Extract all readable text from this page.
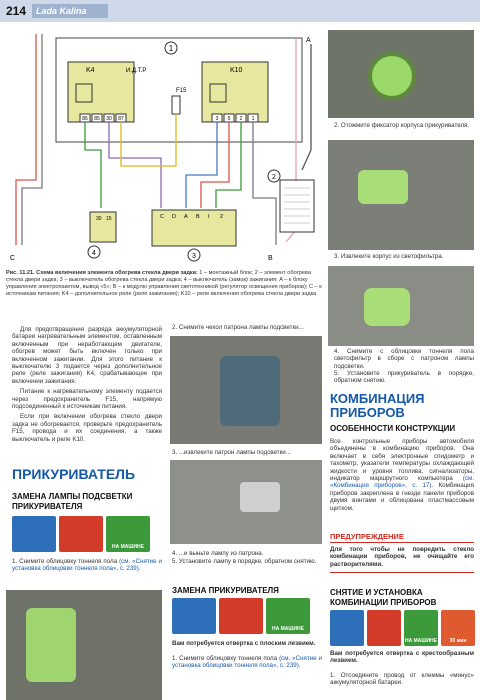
214	Lada Kalina
1
K4	И.Д.Т.Р
86 85 30 87
F15
K10
3 5 2 1
30 15
4
C D A B I 2
3
2
C
A
B
Рис. 11.21. Схема включения элемента обогрева стекла двери задка: 1 – монтажный блок; 2 – элемент обогрева стекла двери задка; 3 – выключатель обогрева стекла двери задка; 4 – выключатель (замок) зажигания; A – к блоку управления электропакетом, вывод «5»; B – к модулю управления светотехникой (регулятор освещения приборов); C – к источникам питания; K4 – дополнительное реле (реле зажигания); K10 – реле включения обогрева стекла двери задка
2. Отожмите фиксатор корпуса прикуривателя.
3. Извлеките корпус из светофильтра.
4. Снимите с облицовки тоннеля пола светофильтр в сборе с патроном лампы подсветки.
5. Установите прикуриватель в порядке, обратном снятию.

Для предотвращения разряда аккумуляторной батареи нагревательным элементом, оставленным включенным при неработающем двигателе, обогрев может быть включен только при включенном зажигании. Для этого питание к выключателю 3 подается через дополнительное реле (реле зажигания) K4, срабатывающее при включении зажигания.

Питание к нагревательному элементу подается через предохранитель F15, напрямую подсоединенный к источникам питания.

Если при включении обогрева стекло двери задка не обогревается, проверьте предохранитель F15, провода и их соединения, а также выключатель и реле K10.

2. Снимите чехол патрона лампы подсветки...
3. ...извлеките патрон лампы подсветки...
4. ...и выньте лампу из патрона.
5. Установите лампу в порядке, обратном снятию.
ПРИКУРИВАТЕЛЬ
ЗАМЕНА ЛАМПЫ ПОДСВЕТКИ ПРИКУРИВАТЕЛЯ
НА МАШИНЕ
1. Снимите облицовку тоннеля пола (см. «Снятие и установка облицовки тоннеля пола», с. 239).
ЗАМЕНА ПРИКУРИВАТЕЛЯ
НА МАШИНЕ
Вам потребуется отвертка с плоским лезвием.
1. Снимите облицовку тоннеля пола (см. «Снятие и установка облицовки тоннеля пола», с. 239).
КОМБИНАЦИЯ ПРИБОРОВ
ОСОБЕННОСТИ КОНСТРУКЦИИ
Все контрольные приборы автомобиля объединены в комбинацию приборов. Она включает в себя электронные спидометр и тахометр, указатели температуры охлаждающей жидкости и уровня топлива, сигнализаторы, индикатор маршрутного компьютера (см. «Комбинация приборов», с. 17). Комбинация приборов закреплена в гнезде панели приборов двумя винтами и облицована пластмассовым щитком.
ПРЕДУПРЕЖДЕНИЕ
Для того чтобы не повредить стекло комбинации приборов, не очищайте его растворителями.
СНЯТИЕ И УСТАНОВКА КОМБИНАЦИИ ПРИБОРОВ
НА МАШИНЕ	30 мин
Вам потребуется отвертка с крестообразным лезвием.
1. Отсоедините провод от клеммы «минус» аккумуляторной батареи.
